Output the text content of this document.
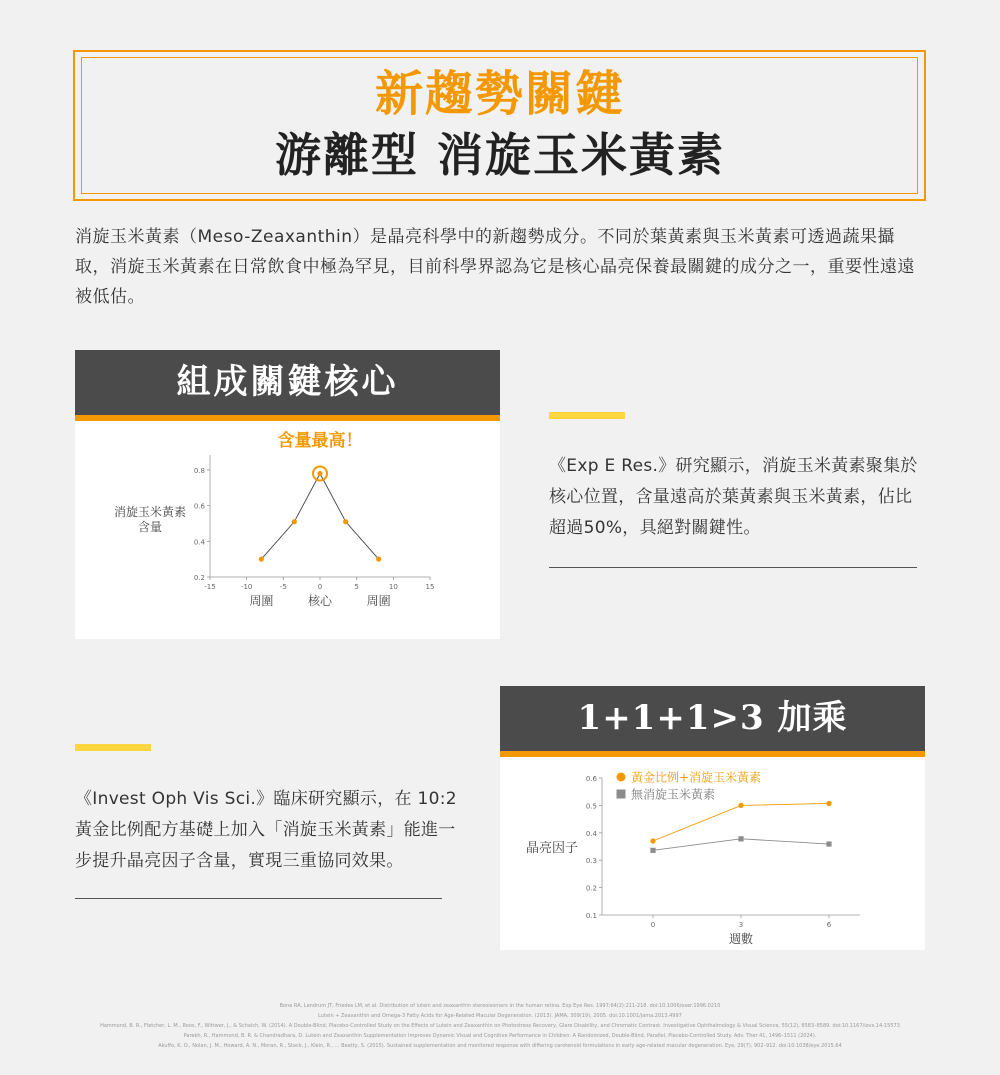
新趨勢關鍵
游離型 消旋玉米黃素
消旋玉米黃素（Meso-Zeaxanthin）是晶亮科學中的新趨勢成分。不同於葉黃素與玉米黃素可透過蔬果攝取，消旋玉米黃素在日常飲食中極為罕見，目前科學界認為它是核心晶亮保養最關鍵的成分之一，重要性遠遠被低估。
組成關鍵核心
0.8
0.6
0.4
0.2
-15	-10	-5	0	5	10	15
周圍	核心	周圍
消旋玉米黃素
含量
含量最高！
《Exp E Res.》研究顯示，消旋玉米黃素聚集於核心位置，含量遠高於葉黃素與玉米黃素，佔比超過50%，具絕對關鍵性。
1+1+1>3 加乘
0.6
0.5
0.4
0.3
0.2
0.1
0	3	6
晶亮因子
週數
黃金比例+消旋玉米黃素
無消旋玉米黃素
《Invest Oph Vis Sci.》臨床研究顯示，在 10:2 黃金比例配方基礎上加入「消旋玉米黃素」能進一步提升晶亮因子含量，實現三重協同效果。
Bone RA, Landrum JT, Friedes LM, et al. Distribution of lutein and zeaxanthin stereoisomers in the human retina. Exp Eye Res. 1997;64(2):211-218. doi:10.1006/exer.1996.0210
Lutein + Zeaxanthin and Omega-3 Fatty Acids for Age-Related Macular Degeneration. (2013). JAMA, 309(19), 2005. doi:10.1001/jama.2013.4997
Hammond, B. R., Fletcher, L. M., Roos, F., Wittwer, J., & Schalch, W. (2014). A Double-Blind, Placebo-Controlled Study on the Effects of Lutein and Zeaxanthin on Photostress Recovery, Glare Disability, and Chromatic Contrast. Investigative Ophthalmology & Visual Science, 55(12), 8583–8589. doi:10.1167/iovs.14-15573
Parekh, R., Hammond, B. R. & Chandradhara, D. Lutein and Zeaxanthin Supplementation Improves Dynamic Visual and Cognitive Performance in Children: A Randomized, Double-Blind, Parallel, Placebo-Controlled Study. Adv. Ther 41, 1496–1511 (2024).
Akuffo, K. O., Nolan, J. M., Howard, A. N., Moran, R., Stack, J., Klein, R., … Beatty, S. (2015). Sustained supplementation and monitored response with differing carotenoid formulations in early age-related macular degeneration. Eye, 29(7), 902–912. doi:10.1038/eye.2015.64
